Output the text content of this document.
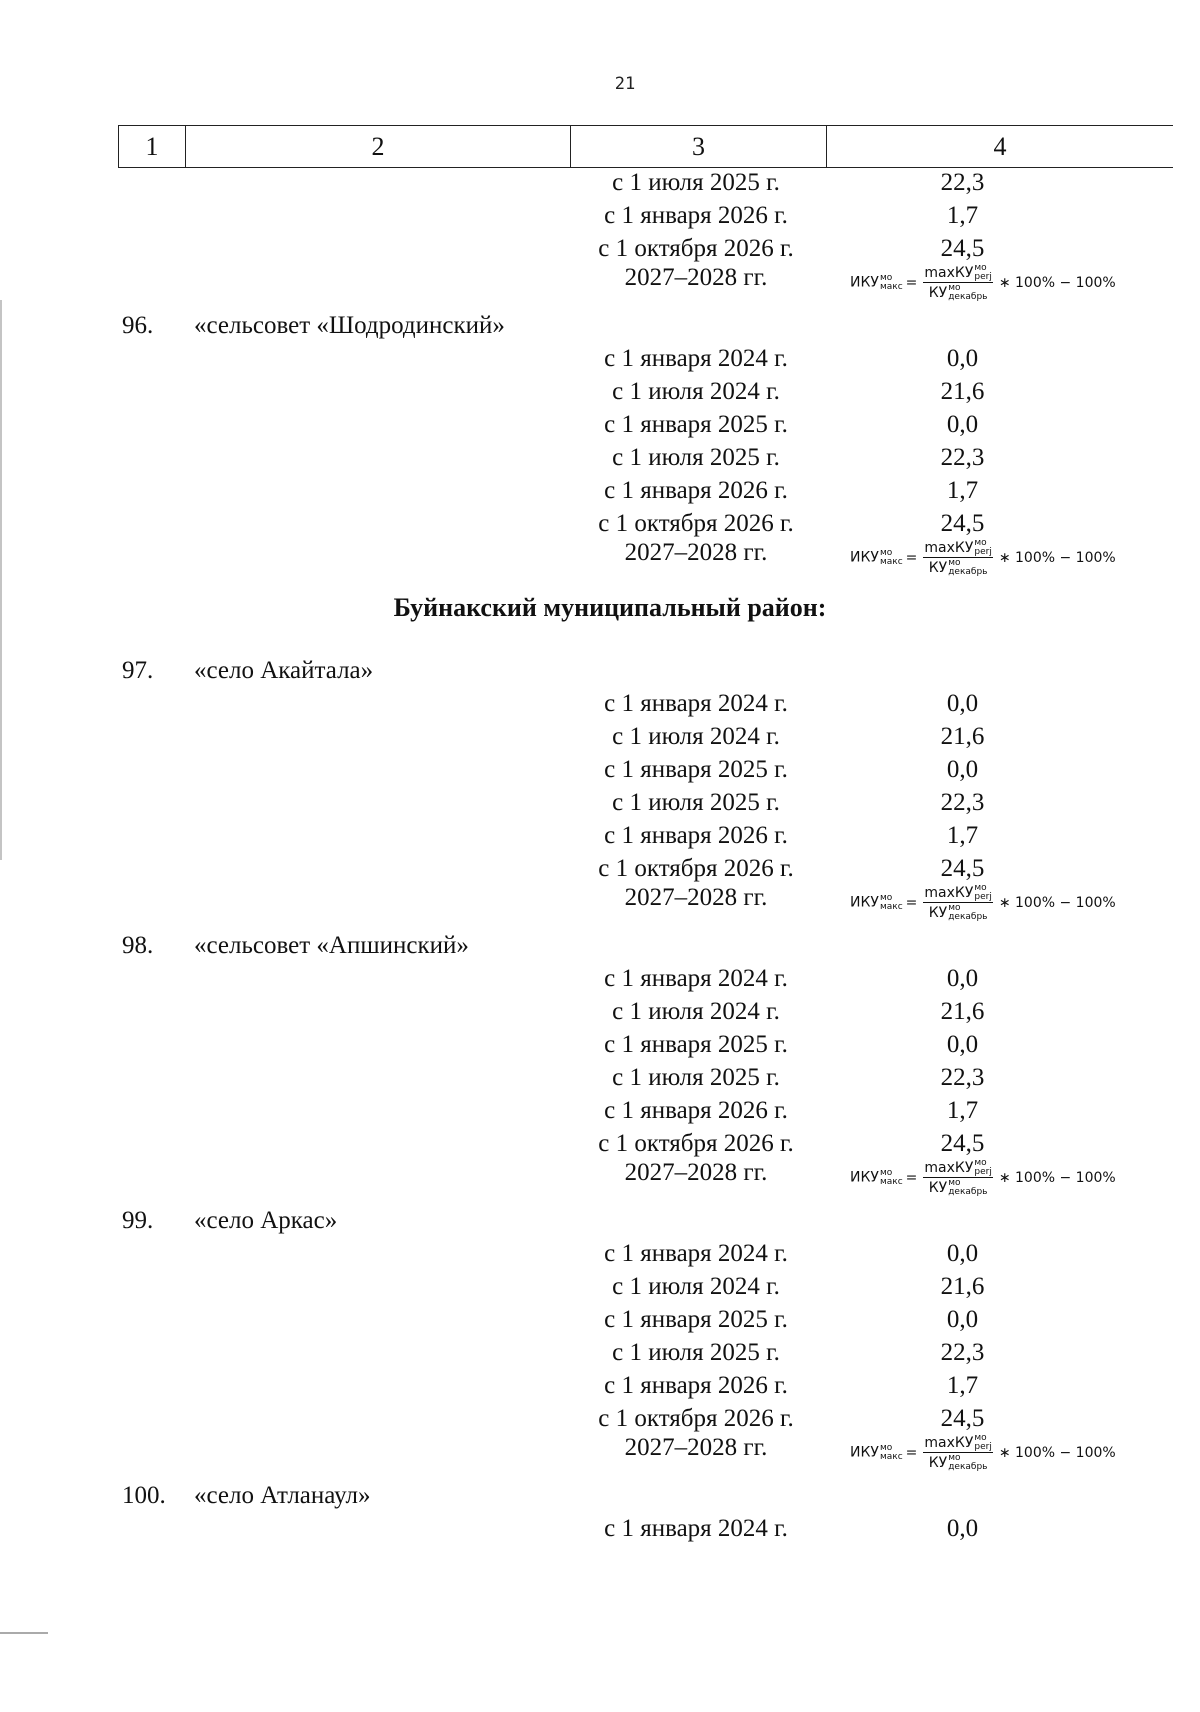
21
1	2	3	4
с 1 июля 2025 г.	22,3
с 1 января 2026 г.	1,7
с 1 октября 2026 г.	24,5
2027–2028 гг.	ИКУ мо
макс = maxКУ мо
perj
КУ мо
декабрь ∗ 100% − 100%
96. «сельсовет «Шодродинский»
с 1 января 2024 г.	0,0
с 1 июля 2024 г.	21,6
с 1 января 2025 г.	0,0
с 1 июля 2025 г.	22,3
с 1 января 2026 г.	1,7
с 1 октября 2026 г.	24,5
2027–2028 гг.	ИКУ мо
макс = maxКУ мо
perj
КУ мо
декабрь ∗ 100% − 100%
Буйнакский муниципальный район:
97. «село Акайтала»
с 1 января 2024 г.	0,0
с 1 июля 2024 г.	21,6
с 1 января 2025 г.	0,0
с 1 июля 2025 г.	22,3
с 1 января 2026 г.	1,7
с 1 октября 2026 г.	24,5
2027–2028 гг.	ИКУ мо
макс = maxКУ мо
perj
КУ мо
декабрь ∗ 100% − 100%
98. «сельсовет «Апшинский»
с 1 января 2024 г.	0,0
с 1 июля 2024 г.	21,6
с 1 января 2025 г.	0,0
с 1 июля 2025 г.	22,3
с 1 января 2026 г.	1,7
с 1 октября 2026 г.	24,5
2027–2028 гг.	ИКУ мо
макс = maxКУ мо
perj
КУ мо
декабрь ∗ 100% − 100%
99. «село Аркас»
с 1 января 2024 г.	0,0
с 1 июля 2024 г.	21,6
с 1 января 2025 г.	0,0
с 1 июля 2025 г.	22,3
с 1 января 2026 г.	1,7
с 1 октября 2026 г.	24,5
2027–2028 гг.	ИКУ мо
макс = maxКУ мо
perj
КУ мо
декабрь ∗ 100% − 100%
100. «село Атланаул»
с 1 января 2024 г.	0,0
